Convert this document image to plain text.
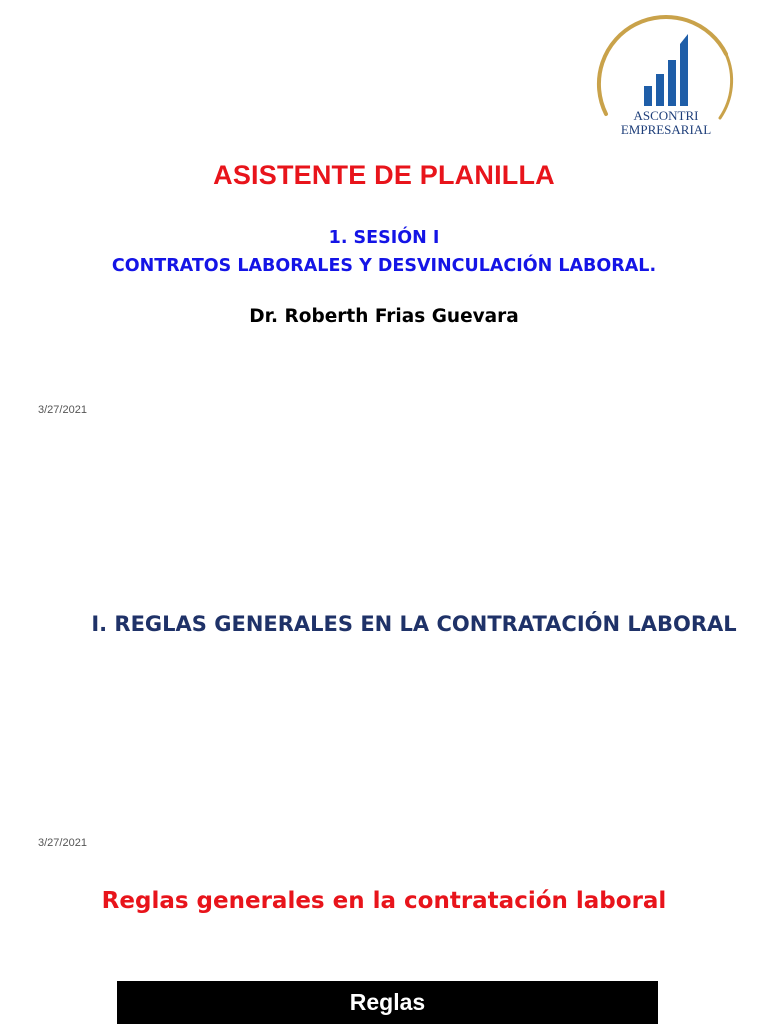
ASCONTRI
EMPRESARIAL
ASISTENTE DE PLANILLA
1. SESIÓN I
CONTRATOS LABORALES Y DESVINCULACIÓN LABORAL.
Dr. Roberth Frias Guevara
3/27/2021
I. REGLAS GENERALES EN LA CONTRATACIÓN LABORAL
3/27/2021
Reglas generales en la contratación laboral
Reglas
